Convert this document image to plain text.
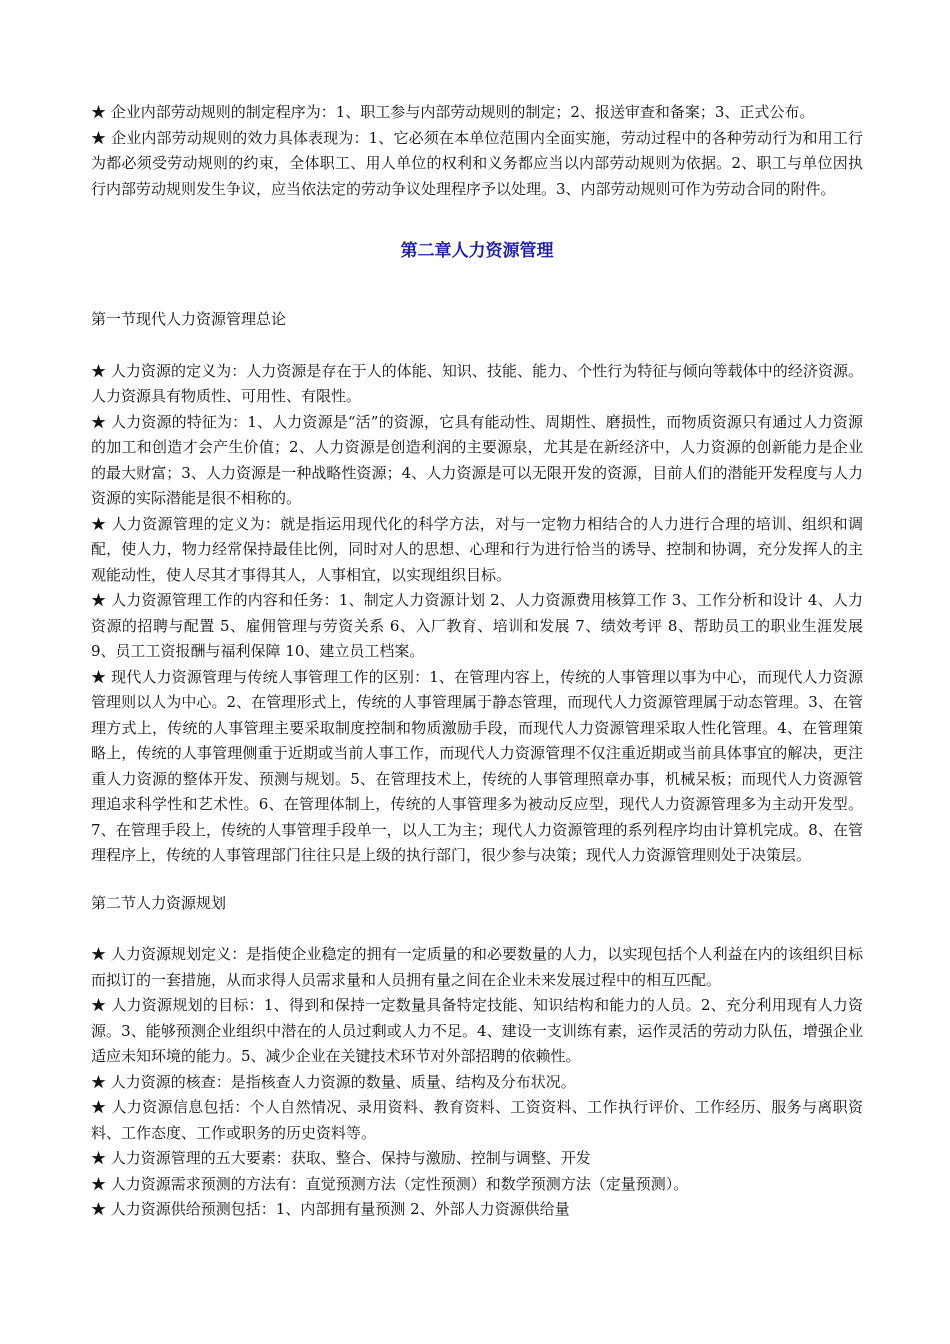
★ 企业内部劳动规则的制定程序为：1、职工参与内部劳动规则的制定；2、报送审查和备案；3、正式公布。

★ 企业内部劳动规则的效力具体表现为：1、它必须在本单位范围内全面实施，劳动过程中的各种劳动行为和用工行为都必须受劳动规则的约束，全体职工、用人单位的权利和义务都应当以内部劳动规则为依据。2、职工与单位因执行内部劳动规则发生争议，应当依法定的劳动争议处理程序予以处理。3、内部劳动规则可作为劳动合同的附件。

第二章人力资源管理
第一节现代人力资源管理总论

★ 人力资源的定义为：人力资源是存在于人的体能、知识、技能、能力、个性行为特征与倾向等载体中的经济资源。人力资源具有物质性、可用性、有限性。

★ 人力资源的特征为：1、人力资源是“活”的资源，它具有能动性、周期性、磨损性，而物质资源只有通过人力资源的加工和创造才会产生价值；2、人力资源是创造利润的主要源泉，尤其是在新经济中，人力资源的创新能力是企业的最大财富；3、人力资源是一种战略性资源；4、人力资源是可以无限开发的资源，目前人们的潜能开发程度与人力资源的实际潜能是很不相称的。

★ 人力资源管理的定义为：就是指运用现代化的科学方法，对与一定物力相结合的人力进行合理的培训、组织和调配，使人力，物力经常保持最佳比例，同时对人的思想、心理和行为进行恰当的诱导、控制和协调，充分发挥人的主观能动性，使人尽其才事得其人，人事相宜，以实现组织目标。

★ 人力资源管理工作的内容和任务：1、制定人力资源计划 2、人力资源费用核算工作 3、工作分析和设计 4、人力资源的招聘与配置 5、雇佣管理与劳资关系 6、入厂教育、培训和发展 7、绩效考评 8、帮助员工的职业生涯发展 9、员工工资报酬与福利保障 10、建立员工档案。

★ 现代人力资源管理与传统人事管理工作的区别：1、在管理内容上，传统的人事管理以事为中心，而现代人力资源管理则以人为中心。2、在管理形式上，传统的人事管理属于静态管理，而现代人力资源管理属于动态管理。3、在管理方式上，传统的人事管理主要采取制度控制和物质激励手段，而现代人力资源管理采取人性化管理。4、在管理策略上，传统的人事管理侧重于近期或当前人事工作，而现代人力资源管理不仅注重近期或当前具体事宜的解决，更注重人力资源的整体开发、预测与规划。5、在管理技术上，传统的人事管理照章办事，机械呆板；而现代人力资源管理追求科学性和艺术性。6、在管理体制上，传统的人事管理多为被动反应型，现代人力资源管理多为主动开发型。7、在管理手段上，传统的人事管理手段单一，以人工为主；现代人力资源管理的系列程序均由计算机完成。8、在管理程序上，传统的人事管理部门往往只是上级的执行部门，很少参与决策；现代人力资源管理则处于决策层。

第二节人力资源规划

★ 人力资源规划定义：是指使企业稳定的拥有一定质量的和必要数量的人力，以实现包括个人利益在内的该组织目标而拟订的一套措施，从而求得人员需求量和人员拥有量之间在企业未来发展过程中的相互匹配。

★ 人力资源规划的目标：1、得到和保持一定数量具备特定技能、知识结构和能力的人员。2、充分利用现有人力资源。3、能够预测企业组织中潜在的人员过剩或人力不足。4、建设一支训练有素，运作灵活的劳动力队伍，增强企业适应未知环境的能力。5、减少企业在关键技术环节对外部招聘的依赖性。

★ 人力资源的核查：是指核查人力资源的数量、质量、结构及分布状况。

★ 人力资源信息包括：个人自然情况、录用资料、教育资料、工资资料、工作执行评价、工作经历、服务与离职资料、工作态度、工作或职务的历史资料等。

★ 人力资源管理的五大要素：获取、整合、保持与激励、控制与调整、开发

★ 人力资源需求预测的方法有：直觉预测方法（定性预测）和数学预测方法（定量预测）。

★ 人力资源供给预测包括：1、内部拥有量预测 2、外部人力资源供给量
